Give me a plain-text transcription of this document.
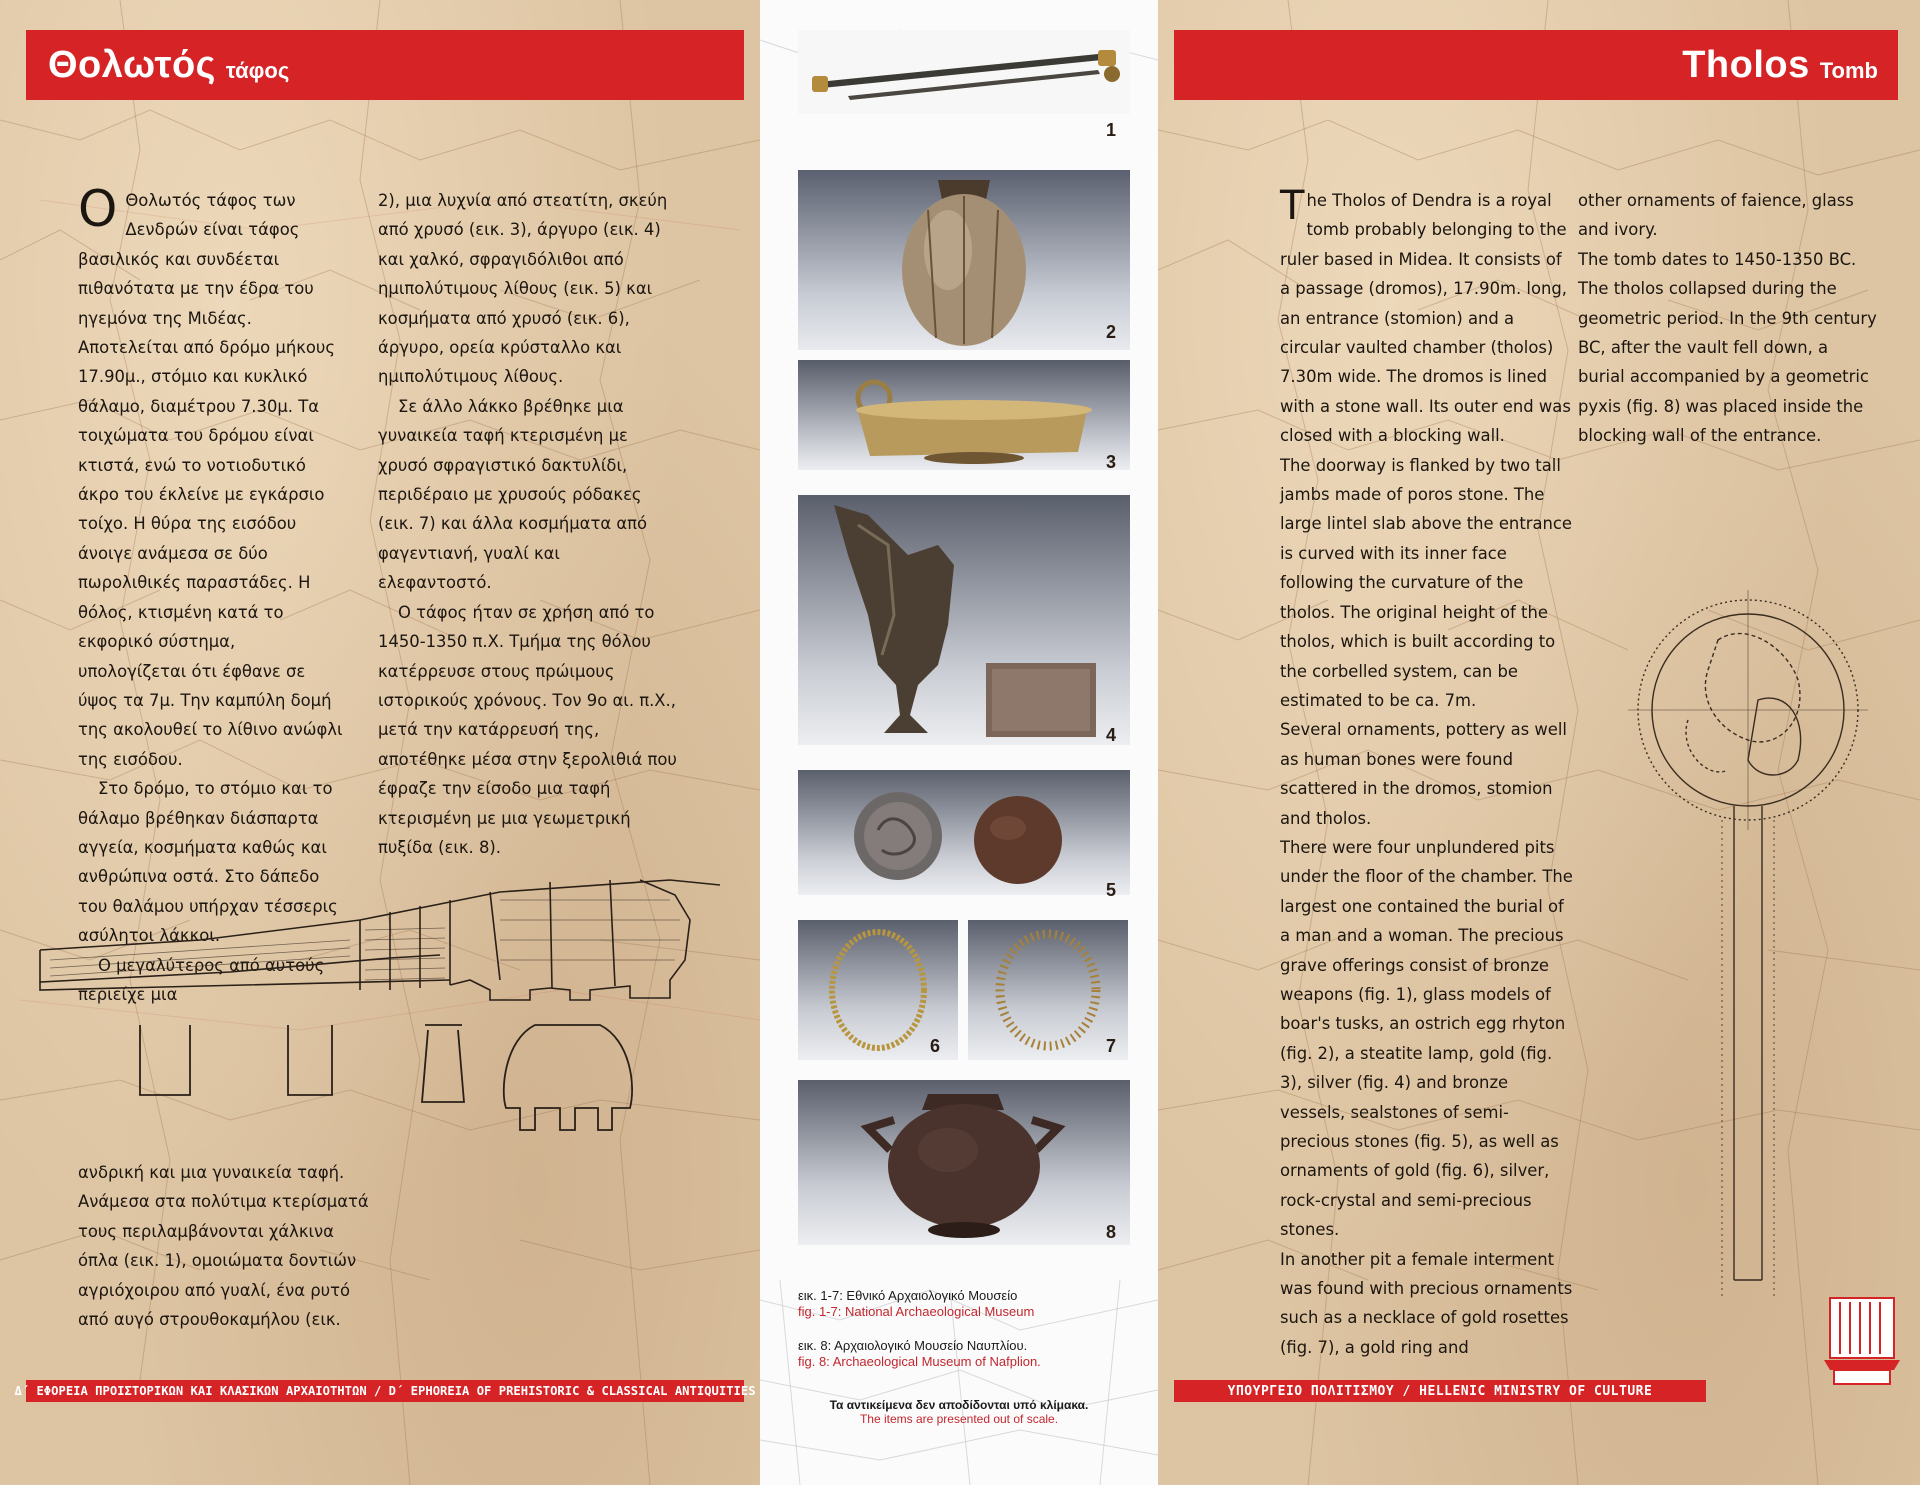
Θολωτός τάφος

Ο Θολωτός τάφος των Δενδρών είναι τάφος βασιλικός και συνδέεται πιθανότατα με την έδρα του ηγεμόνα της Μιδέας. Αποτελείται από δρόμο μήκους 17.90μ., στόμιο και κυκλικό θάλαμο, διαμέτρου 7.30μ. Τα τοιχώματα του δρόμου είναι κτιστά, ενώ το νοτιοδυτικό άκρο του έκλείνε με εγκάρσιο τοίχο. Η θύρα της εισόδου άνοιγε ανάμεσα σε δύο πωρολιθικές παραστάδες. Η θόλος, κτισμένη κατά το εκφορικό σύστημα, υπολογίζεται ότι έφθανε σε ύψος τα 7μ. Την καμπύλη δομή της ακολουθεί το λίθινο ανώφλι της εισόδου.

Στο δρόμο, το στόμιο και το θάλαμο βρέθηκαν διάσπαρτα αγγεία, κοσμήματα καθώς και ανθρώπινα οστά. Στο δάπεδο του θαλάμου υπήρχαν τέσσερις ασύλητοι λάκκοι.

Ο μεγαλύτερος από αυτούς περιείχε μια

2), μια λυχνία από στεατίτη, σκεύη από χρυσό (εικ. 3), άργυρο (εικ. 4) και χαλκό, σφραγιδόλιθοι από ημιπολύτιμους λίθους (εικ. 5) και κοσμήματα από χρυσό (εικ. 6), άργυρο, ορεία κρύσταλλο και ημιπολύτιμους λίθους.

Σε άλλο λάκκο βρέθηκε μια γυναικεία ταφή κτερισμένη με χρυσό σφραγιστικό δακτυλίδι, περιδέραιο με χρυσούς ρόδακες (εικ. 7) και άλλα κοσμήματα από φαγεντιανή, γυαλί και ελεφαντοστό.

Ο τάφος ήταν σε χρήση από το 1450-1350 π.Χ. Τμήμα της θόλου κατέρρευσε στους πρώιμους ιστορικούς χρόνους. Τον 9ο αι. π.Χ., μετά την κατάρρευσή της, αποτέθηκε μέσα στην ξερολιθιά που έφραζε την είσοδο μια ταφή κτερισμένη με μια γεωμετρική πυξίδα (εικ. 8).

ανδρική και μια γυναικεία ταφή. Ανάμεσα στα πολύτιμα κτερίσματά τους περιλαμβάνονται χάλκινα όπλα (εικ. 1), ομοιώματα δοντιών αγριόχοιρου από γυαλί, ένα ρυτό από αυγό στρουθοκαμήλου (εικ.

Δ΄ ΕΦΟΡΕΙΑ ΠΡΟΙΣΤΟΡΙΚΩΝ ΚΑΙ ΚΛΑΣΙΚΩΝ ΑΡΧΑΙΟΤΗΤΩΝ / D΄ EPHOREIA OF PREHISTORIC & CLASSICAL ANTIQUITIES
1
2
3
4
5
6	7
8
εικ. 1-7: Εθνικό Αρχαιολογικό Μουσείο
fig. 1-7: National Archaeological Museum
εικ. 8: Αρχαιολογικό Μουσείο Ναυπλίου.
fig. 8: Archaeological Museum of Nafplion.
Τα αντικείμενα δεν αποδίδονται υπό κλίμακα.
The items are presented out of scale.
Tholos Tomb

The Tholos of Dendra is a royal tomb probably belonging to the ruler based in Midea. It consists of a passage (dromos), 17.90m. long, an entrance (stomion) and a circular vaulted chamber (tholos) 7.30m wide. The dromos is lined with a stone wall. Its outer end was closed with a blocking wall.

The doorway is flanked by two tall jambs made of poros stone. The large lintel slab above the entrance is curved with its inner face following the curvature of the tholos. The original height of the tholos, which is built according to the corbelled system, can be estimated to be ca. 7m.

Several ornaments, pottery as well as human bones were found scattered in the dromos, stomion and tholos.

There were four unplundered pits under the floor of the chamber. The largest one contained the burial of a man and a woman. The precious grave offerings consist of bronze weapons (fig. 1), glass models of boar's tusks, an ostrich egg rhyton (fig. 2), a steatite lamp, gold (fig. 3), silver (fig. 4) and bronze vessels, sealstones of semi-precious stones (fig. 5), as well as ornaments of gold (fig. 6), silver, rock-crystal and semi-precious stones.

In another pit a female interment was found with precious ornaments such as a necklace of gold rosettes (fig. 7), a gold ring and

other ornaments of faience, glass and ivory.

The tomb dates to 1450-1350 BC. The tholos collapsed during the geometric period. In the 9th century BC, after the vault fell down, a burial accompanied by a geometric pyxis (fig. 8) was placed inside the blocking wall of the entrance.

ΥΠΟΥΡΓΕΙΟ ΠΟΛΙΤΙΣΜΟΥ / HELLENIC MINISTRY OF CULTURE
